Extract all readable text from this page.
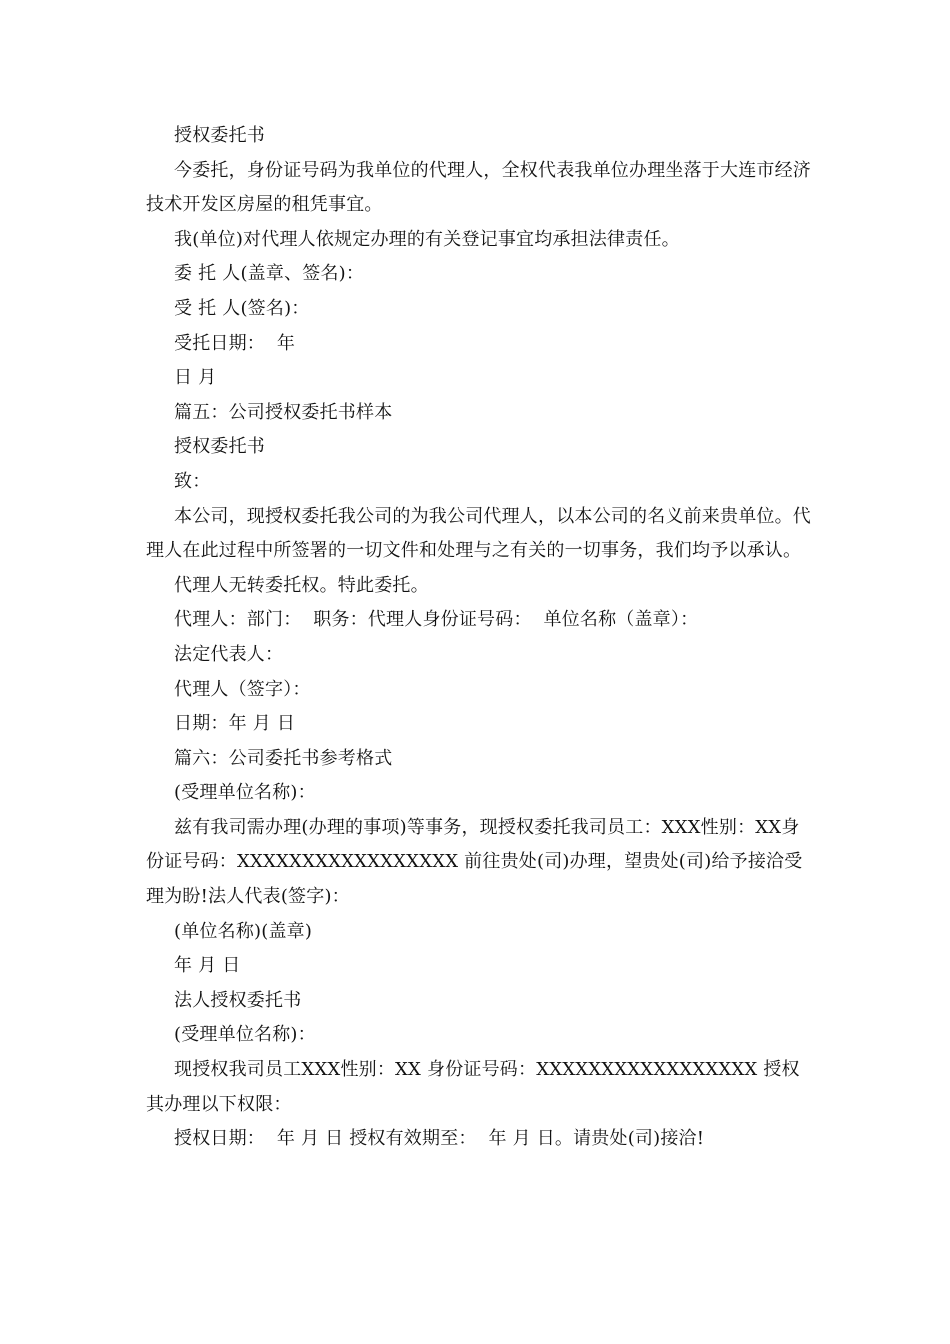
授权委托书

今委托，身份证号码为我单位的代理人，全权代表我单位办理坐落于大连市经济技术开发区房屋的租凭事宜。

我(单位)对代理人依规定办理的有关登记事宜均承担法律责任。

委 托 人(盖章、签名)：

受 托 人(签名)：

受托日期：  年

日 月

篇五：公司授权委托书样本

授权委托书

致：

本公司，现授权委托我公司的为我公司代理人，以本公司的名义前来贵单位。代理人在此过程中所签署的一切文件和处理与之有关的一切事务，我们均予以承认。

代理人无转委托权。特此委托。

代理人：部门：  职务：代理人身份证号码：  单位名称（盖章）：

法定代表人：

代理人（签字）：

日期：年 月 日

篇六：公司委托书参考格式

(受理单位名称)：

兹有我司需办理(办理的事项)等事务，现授权委托我司员工：XXX性别：XX身份证号码：XXXXXXXXXXXXXXXXX 前往贵处(司)办理，望贵处(司)给予接洽受理为盼!法人代表(签字)：

(单位名称)(盖章)

年 月 日

法人授权委托书

(受理单位名称)：

现授权我司员工XXX性别：XX 身份证号码：XXXXXXXXXXXXXXXXX 授权其办理以下权限：

授权日期：  年 月 日 授权有效期至：  年 月 日。请贵处(司)接洽!
